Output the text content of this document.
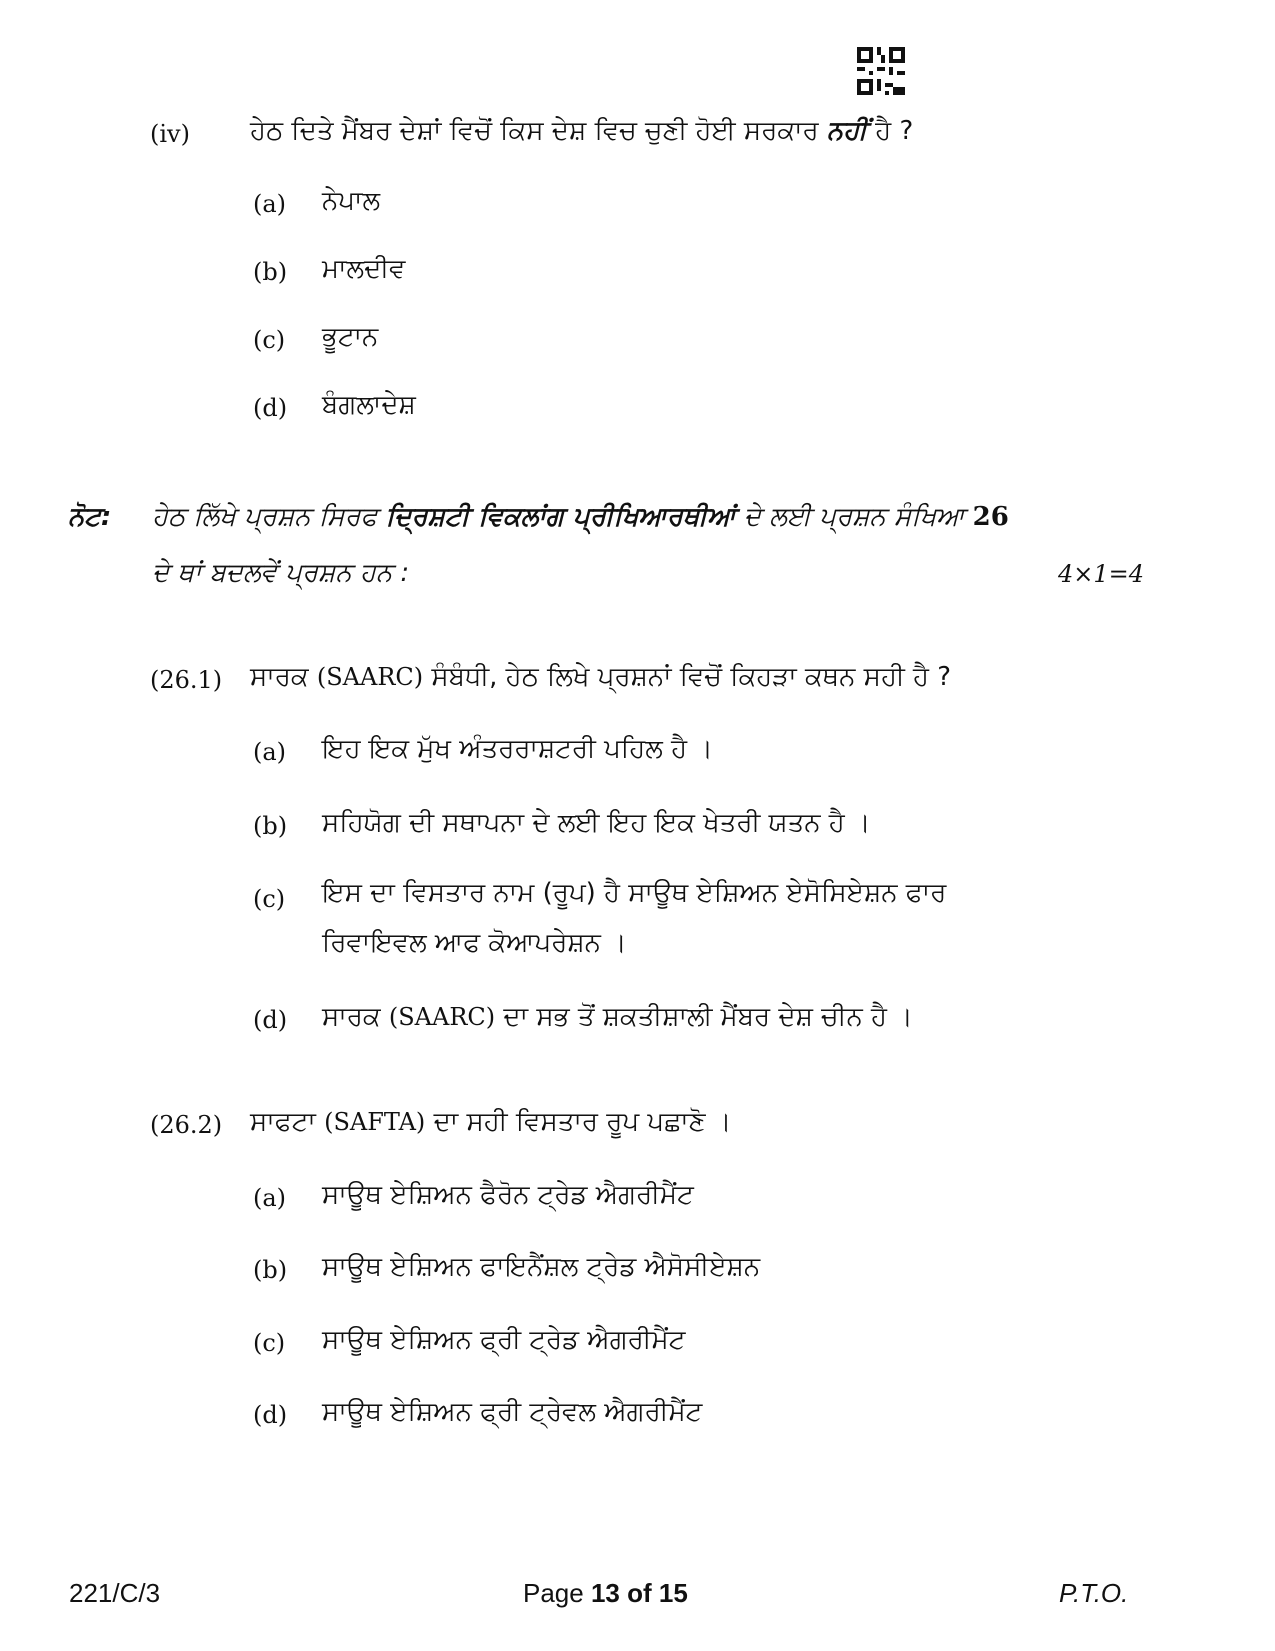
(iv) ਹੇਠ ਦਿਤੇ ਮੈਂਬਰ ਦੇਸ਼ਾਂ ਵਿਚੋਂ ਕਿਸ ਦੇਸ਼ ਵਿਚ ਚੁਣੀ ਹੋਈ ਸਰਕਾਰ ਨਹੀਂ ਹੈ ?
(a) ਨੇਪਾਲ
(b) ਮਾਲਦੀਵ
(c) ਭੂਟਾਨ
(d) ਬੰਗਲਾਦੇਸ਼
ਨੋਟ: ਹੇਠ ਲਿੱਖੇ ਪ੍ਰਸ਼ਨ ਸਿਰਫ ਦ੍ਰਿਸ਼ਟੀ ਵਿਕਲਾਂਗ ਪ੍ਰੀਖਿਆਰਥੀਆਂ ਦੇ ਲਈ ਪ੍ਰਸ਼ਨ ਸੰਖਿਆ 26
ਦੇ ਥਾਂ ਬਦਲਵੇਂ ਪ੍ਰਸ਼ਨ ਹਨ :	4×1=4
(26.1) ਸਾਰਕ (SAARC) ਸੰਬੰਧੀ, ਹੇਠ ਲਿਖੇ ਪ੍ਰਸ਼ਨਾਂ ਵਿਚੋਂ ਕਿਹੜਾ ਕਥਨ ਸਹੀ ਹੈ ?
(a) ਇਹ ਇਕ ਮੁੱਖ ਅੰਤਰਰਾਸ਼ਟਰੀ ਪਹਿਲ ਹੈ ।
(b) ਸਹਿਯੋਗ ਦੀ ਸਥਾਪਨਾ ਦੇ ਲਈ ਇਹ ਇਕ ਖੇਤਰੀ ਯਤਨ ਹੈ ।
(c) ਇਸ ਦਾ ਵਿਸਤਾਰ ਨਾਮ (ਰੂਪ) ਹੈ ਸਾਊਥ ਏਸ਼ਿਅਨ ਏਸੋਸਿਏਸ਼ਨ ਫਾਰ
ਰਿਵਾਇਵਲ ਆਫ ਕੋਆਪਰੇਸ਼ਨ ।
(d) ਸਾਰਕ (SAARC) ਦਾ ਸਭ ਤੋਂ ਸ਼ਕਤੀਸ਼ਾਲੀ ਮੈਂਬਰ ਦੇਸ਼ ਚੀਨ ਹੈ ।
(26.2) ਸਾਫਟਾ (SAFTA) ਦਾ ਸਹੀ ਵਿਸਤਾਰ ਰੂਪ ਪਛਾਣੋ ।
(a) ਸਾਊਥ ਏਸ਼ਿਅਨ ਫੈਰੋਨ ਟ੍ਰੇਡ ਐਗਰੀਮੈਂਟ
(b) ਸਾਊਥ ਏਸ਼ਿਅਨ ਫਾਇਨੈਂਸ਼ਲ ਟ੍ਰੇਡ ਐਸੋਸੀਏਸ਼ਨ
(c) ਸਾਊਥ ਏਸ਼ਿਅਨ ਫ੍ਰੀ ਟ੍ਰੇਡ ਐਗਰੀਮੈਂਟ
(d) ਸਾਊਥ ਏਸ਼ਿਅਨ ਫ੍ਰੀ ਟ੍ਰੇਵਲ ਐਗਰੀਮੈਂਟ
221/C/3	Page 13 of 15	P.T.O.
